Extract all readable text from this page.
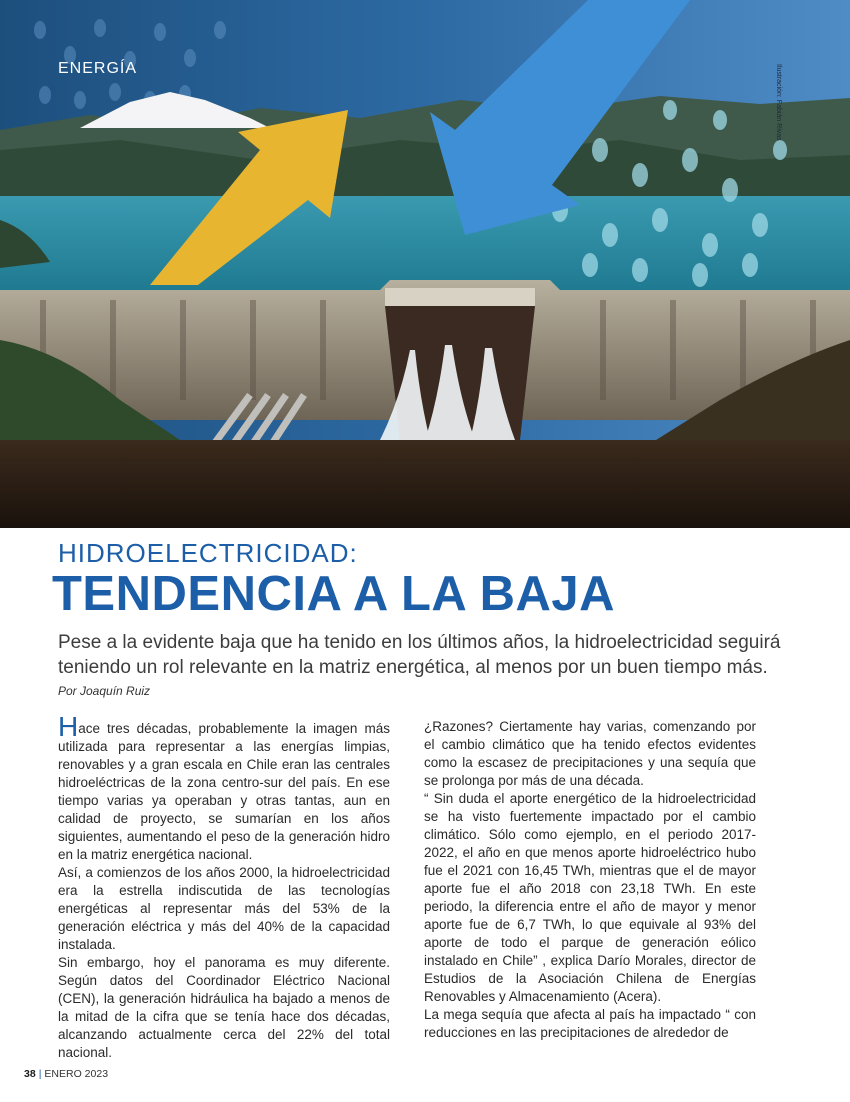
ENERGÍA	Ilustración: Fabián Rivas
HIDROELECTRICIDAD:
TENDENCIA A LA BAJA
Pese a la evidente baja que ha tenido en los últimos años, la hidroelectricidad seguirá teniendo un rol relevante en la matriz energética, al menos por un buen tiempo más.
Por Joaquín Ruiz

Hace tres décadas, probablemente la imagen más utilizada para representar a las energías limpias, renovables y a gran escala en Chile eran las centrales hidroeléctricas de la zona centro-sur del país. En ese tiempo varias ya operaban y otras tantas, aun en calidad de proyecto, se sumarían en los años siguientes, aumentando el peso de la generación hidro en la matriz energética nacional.

Así, a comienzos de los años 2000, la hidroelectricidad era la estrella indiscutida de las tecnologías energéticas al representar más del 53% de la generación eléctrica y más del 40% de la capacidad instalada.

Sin embargo, hoy el panorama es muy diferente. Según datos del Coordinador Eléctrico Nacional (CEN), la generación hidráulica ha bajado a menos de la mitad de la cifra que se tenía hace dos décadas, alcanzando actualmente cerca del 22% del total nacional.

¿Razones? Ciertamente hay varias, comenzando por el cambio climático que ha tenido efectos evidentes como la escasez de precipitaciones y una sequía que se prolonga por más de una década.

“ Sin duda el aporte energético de la hidroelectricidad se ha visto fuertemente impactado por el cambio climático. Sólo como ejemplo, en el periodo 2017-2022, el año en que menos aporte hidroeléctrico hubo fue el 2021 con 16,45 TWh, mientras que el de mayor aporte fue el año 2018 con 23,18 TWh. En este periodo, la diferencia entre el año de mayor y menor aporte fue de 6,7 TWh, lo que equivale al 93% del aporte de todo el parque de generación eólico instalado en Chile” , explica Darío Morales, director de Estudios de la Asociación Chilena de Energías Renovables y Almacenamiento (Acera).

La mega sequía que afecta al país ha impactado “ con reducciones en las precipitaciones de alrededor de

38 | ENERO 2023
